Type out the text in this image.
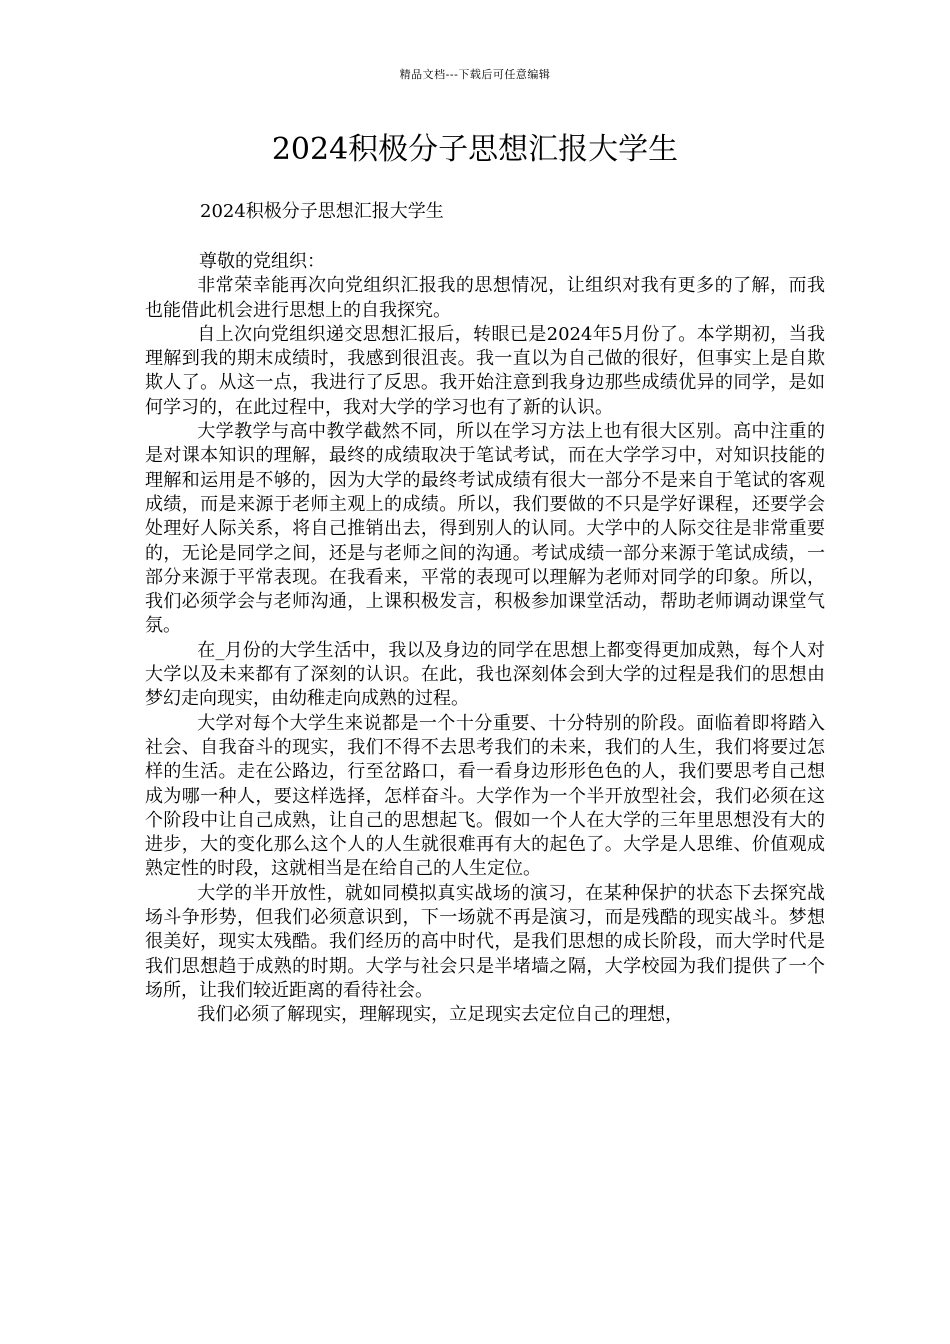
精品文档---下载后可任意编辑
2024积极分子思想汇报大学生
2024积极分子思想汇报大学生

尊敬的党组织：

非常荣幸能再次向党组织汇报我的思想情况，让组织对我有更多的了解，而我也能借此机会进行思想上的自我探究。

自上次向党组织递交思想汇报后，转眼已是2024年5月份了。本学期初，当我理解到我的期末成绩时，我感到很沮丧。我一直以为自己做的很好，但事实上是自欺欺人了。从这一点，我进行了反思。我开始注意到我身边那些成绩优异的同学，是如何学习的，在此过程中，我对大学的学习也有了新的认识。

大学教学与高中教学截然不同，所以在学习方法上也有很大区别。高中注重的是对课本知识的理解，最终的成绩取决于笔试考试，而在大学学习中，对知识技能的理解和运用是不够的，因为大学的最终考试成绩有很大一部分不是来自于笔试的客观成绩，而是来源于老师主观上的成绩。所以，我们要做的不只是学好课程，还要学会处理好人际关系，将自己推销出去，得到别人的认同。大学中的人际交往是非常重要的，无论是同学之间，还是与老师之间的沟通。考试成绩一部分来源于笔试成绩，一部分来源于平常表现。在我看来，平常的表现可以理解为老师对同学的印象。所以，我们必须学会与老师沟通，上课积极发言，积极参加课堂活动，帮助老师调动课堂气氛。

在_月份的大学生活中，我以及身边的同学在思想上都变得更加成熟，每个人对大学以及未来都有了深刻的认识。在此，我也深刻体会到大学的过程是我们的思想由梦幻走向现实，由幼稚走向成熟的过程。

大学对每个大学生来说都是一个十分重要、十分特别的阶段。面临着即将踏入社会、自我奋斗的现实，我们不得不去思考我们的未来，我们的人生，我们将要过怎样的生活。走在公路边，行至岔路口，看一看身边形形色色的人，我们要思考自己想成为哪一种人，要这样选择，怎样奋斗。大学作为一个半开放型社会，我们必须在这个阶段中让自己成熟，让自己的思想起飞。假如一个人在大学的三年里思想没有大的进步，大的变化那么这个人的人生就很难再有大的起色了。大学是人思维、价值观成熟定性的时段，这就相当是在给自己的人生定位。

大学的半开放性，就如同模拟真实战场的演习，在某种保护的状态下去探究战场斗争形势，但我们必须意识到，下一场就不再是演习，而是残酷的现实战斗。梦想很美好，现实太残酷。我们经历的高中时代，是我们思想的成长阶段，而大学时代是我们思想趋于成熟的时期。大学与社会只是半堵墙之隔，大学校园为我们提供了一个场所，让我们较近距离的看待社会。

我们必须了解现实，理解现实，立足现实去定位自己的理想，
